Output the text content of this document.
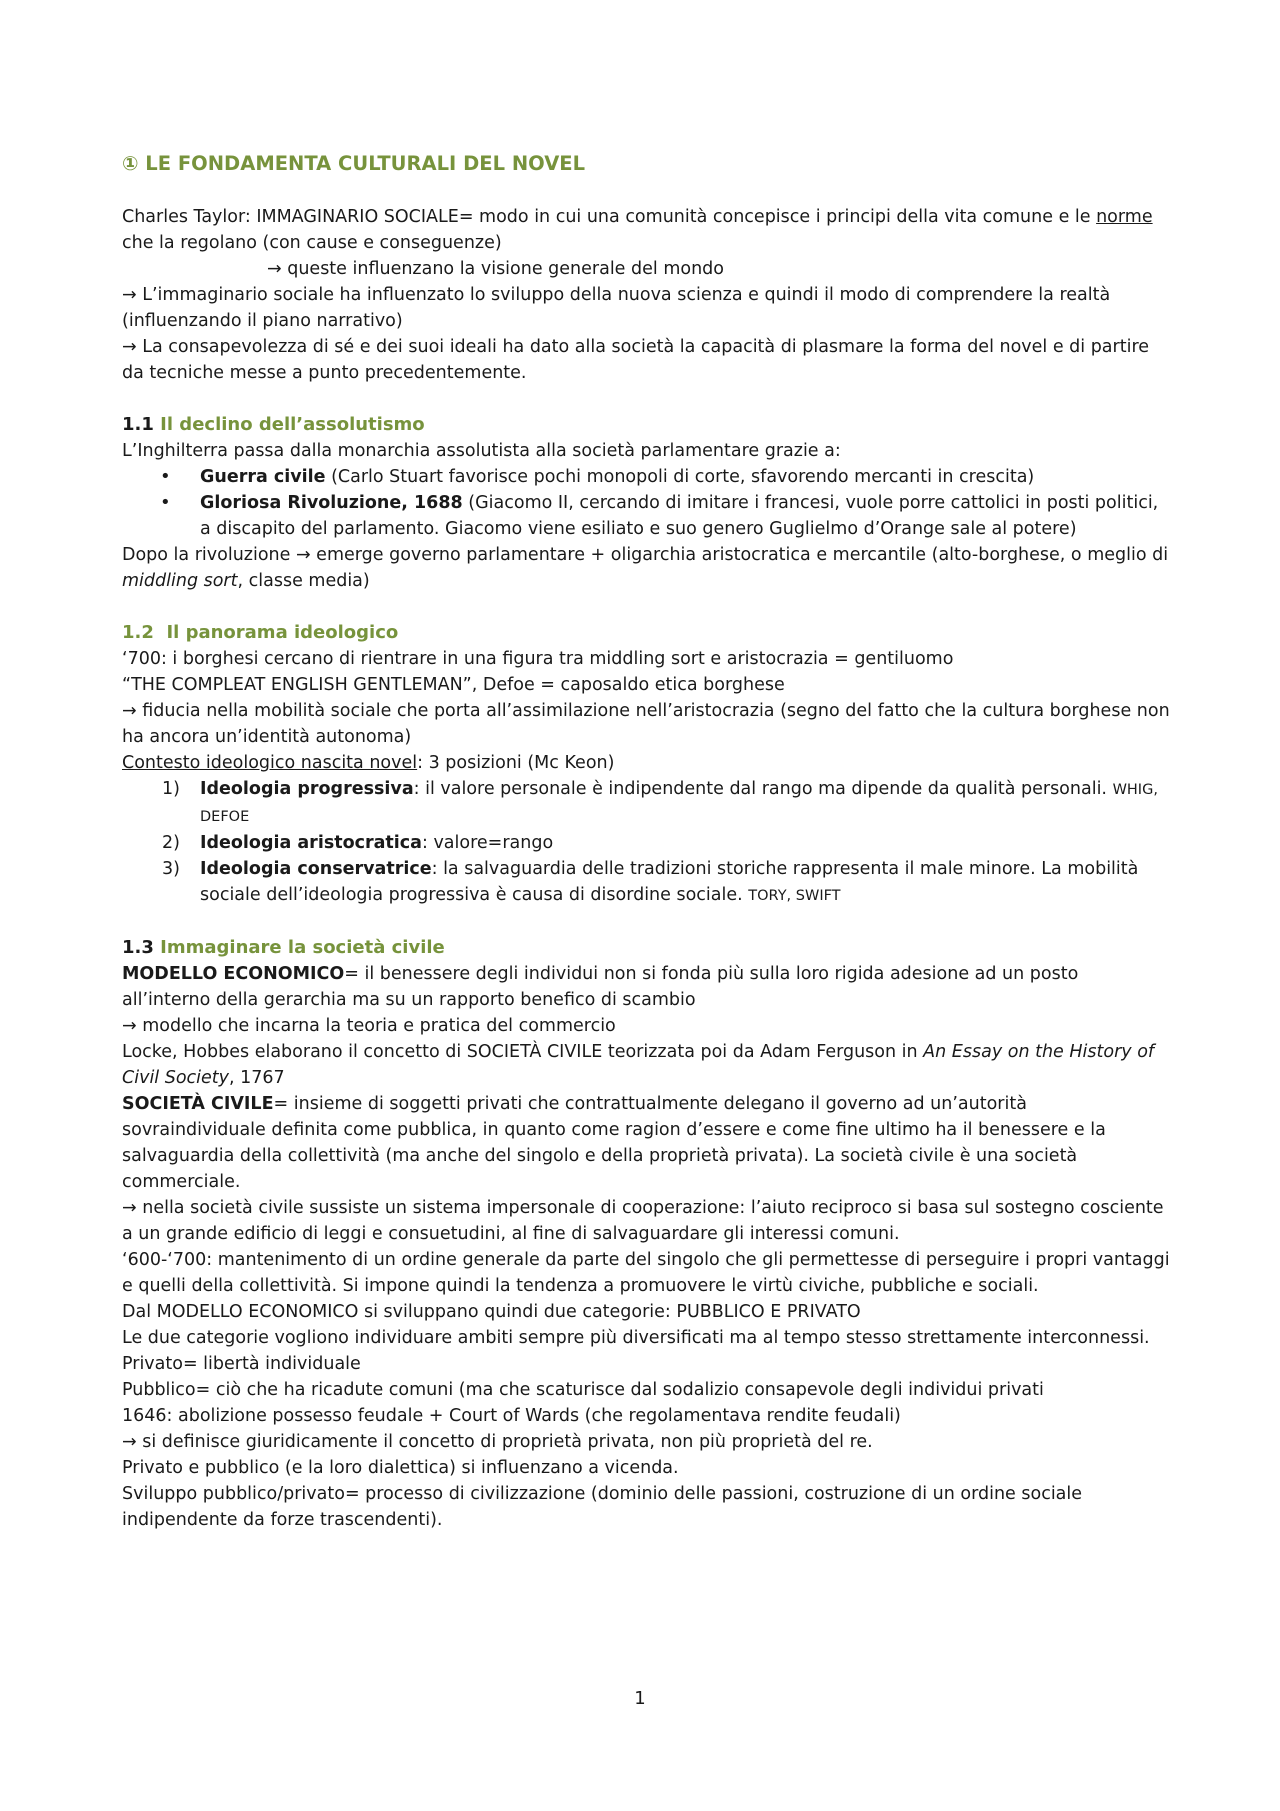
① LE FONDAMENTA CULTURALI DEL NOVEL

Charles Taylor: IMMAGINARIO SOCIALE= modo in cui una comunità concepisce i principi della vita comune e le norme che la regolano (con cause e conseguenze)

→ queste influenzano la visione generale del mondo

→ L’immaginario sociale ha influenzato lo sviluppo della nuova scienza e quindi il modo di comprendere la realtà (influenzando il piano narrativo)

→ La consapevolezza di sé e dei suoi ideali ha dato alla società la capacità di plasmare la forma del novel e di partire da tecniche messe a punto precedentemente.

1.1 Il declino dell’assolutismo

L’Inghilterra passa dalla monarchia assolutista alla società parlamentare grazie a:

• Guerra civile (Carlo Stuart favorisce pochi monopoli di corte, sfavorendo mercanti in crescita)
• Gloriosa Rivoluzione, 1688 (Giacomo II, cercando di imitare i francesi, vuole porre cattolici in posti politici, a discapito del parlamento. Giacomo viene esiliato e suo genero Guglielmo d’Orange sale al potere)

Dopo la rivoluzione → emerge governo parlamentare + oligarchia aristocratica e mercantile (alto-borghese, o meglio di middling sort, classe media)

1.2 Il panorama ideologico

‘700: i borghesi cercano di rientrare in una figura tra middling sort e aristocrazia = gentiluomo

“THE COMPLEAT ENGLISH GENTLEMAN”, Defoe = caposaldo etica borghese

→ fiducia nella mobilità sociale che porta all’assimilazione nell’aristocrazia (segno del fatto che la cultura borghese non ha ancora un’identità autonoma)

Contesto ideologico nascita novel: 3 posizioni (Mc Keon)

1) Ideologia progressiva: il valore personale è indipendente dal rango ma dipende da qualità personali. WHIG, DEFOE
2) Ideologia aristocratica: valore=rango
3) Ideologia conservatrice: la salvaguardia delle tradizioni storiche rappresenta il male minore. La mobilità sociale dell’ideologia progressiva è causa di disordine sociale. TORY, SWIFT
1.3 Immaginare la società civile

MODELLO ECONOMICO= il benessere degli individui non si fonda più sulla loro rigida adesione ad un posto all’interno della gerarchia ma su un rapporto benefico di scambio

→ modello che incarna la teoria e pratica del commercio

Locke, Hobbes elaborano il concetto di SOCIETÀ CIVILE teorizzata poi da Adam Ferguson in An Essay on the History of Civil Society, 1767

SOCIETÀ CIVILE= insieme di soggetti privati che contrattualmente delegano il governo ad un’autorità sovraindividuale definita come pubblica, in quanto come ragion d’essere e come fine ultimo ha il benessere e la salvaguardia della collettività (ma anche del singolo e della proprietà privata). La società civile è una società commerciale.

→ nella società civile sussiste un sistema impersonale di cooperazione: l’aiuto reciproco si basa sul sostegno cosciente a un grande edificio di leggi e consuetudini, al fine di salvaguardare gli interessi comuni.

‘600-‘700: mantenimento di un ordine generale da parte del singolo che gli permettesse di perseguire i propri vantaggi e quelli della collettività. Si impone quindi la tendenza a promuovere le virtù civiche, pubbliche e sociali.

Dal MODELLO ECONOMICO si sviluppano quindi due categorie: PUBBLICO E PRIVATO

Le due categorie vogliono individuare ambiti sempre più diversificati ma al tempo stesso strettamente interconnessi.

Privato= libertà individuale

Pubblico= ciò che ha ricadute comuni (ma che scaturisce dal sodalizio consapevole degli individui privati

1646: abolizione possesso feudale + Court of Wards (che regolamentava rendite feudali)

→ si definisce giuridicamente il concetto di proprietà privata, non più proprietà del re.

Privato e pubblico (e la loro dialettica) si influenzano a vicenda.

Sviluppo pubblico/privato= processo di civilizzazione (dominio delle passioni, costruzione di un ordine sociale indipendente da forze trascendenti).

1
